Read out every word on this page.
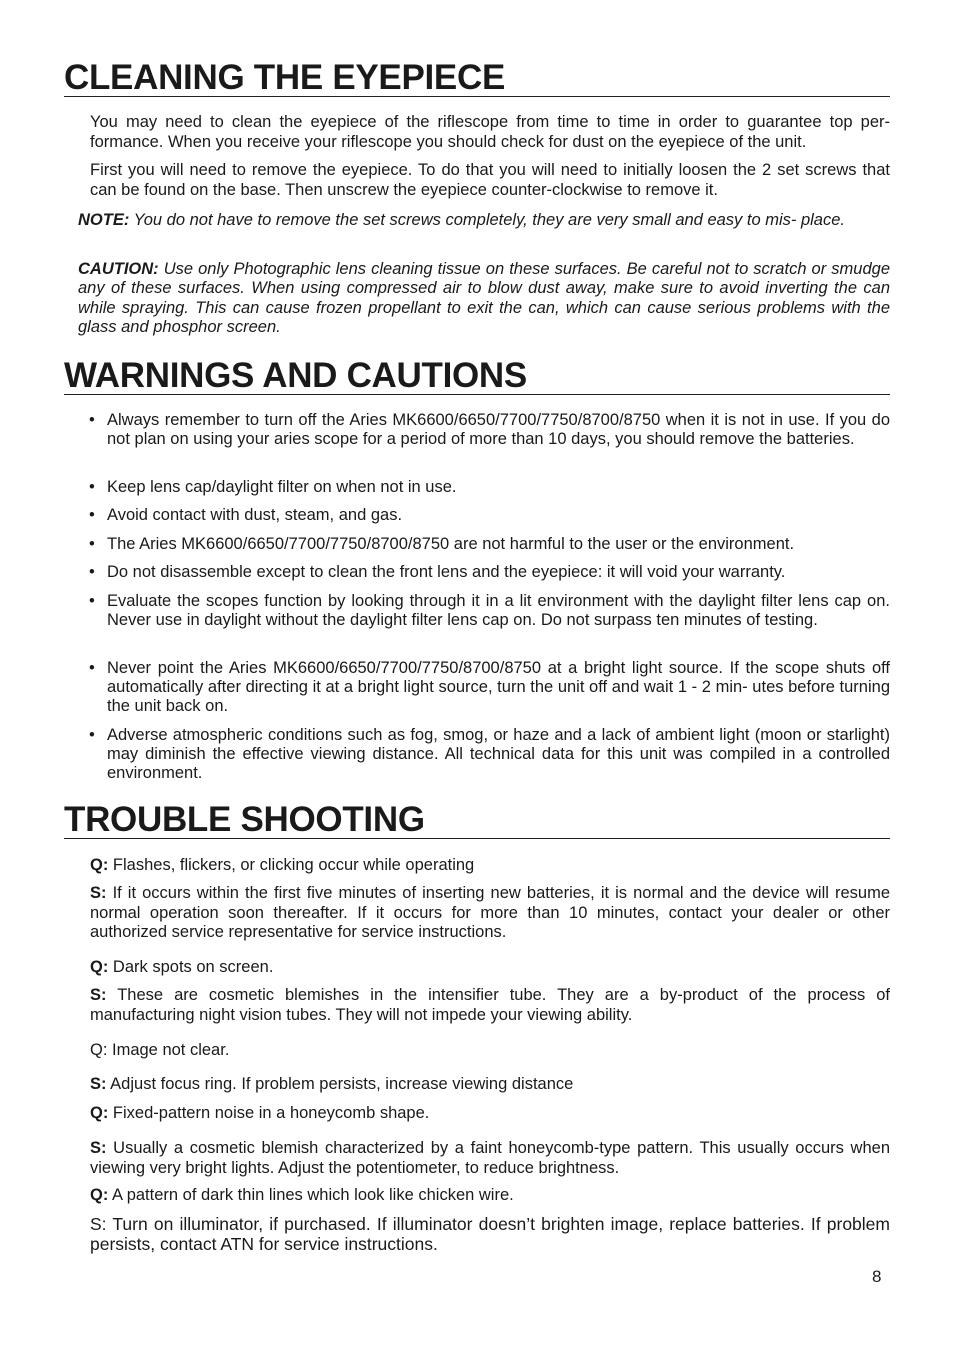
CLEANING THE EYEPIECE

You may need to clean the eyepiece of the riflescope from time to time in order to guarantee top per- formance. When you receive your riflescope you should check for dust on the eyepiece of the unit.

First you will need to remove the eyepiece. To do that you will need to initially loosen the 2 set screws that can be found on the base. Then unscrew the eyepiece counter-clockwise to remove it.

NOTE: You do not have to remove the set screws completely, they are very small and easy to mis- place.

CAUTION: Use only Photographic lens cleaning tissue on these surfaces. Be careful not to scratch or smudge any of these surfaces. When using compressed air to blow dust away, make sure to avoid inverting the can while spraying. This can cause frozen propellant to exit the can, which can cause serious problems with the glass and phosphor screen.

WARNINGS AND CAUTIONS
• Always remember to turn off the Aries MK6600/6650/7700/7750/8700/8750 when it is not in use. If you do not plan on using your aries scope for a period of more than 10 days, you should remove the batteries.
• Keep lens cap/daylight filter on when not in use.
• Avoid contact with dust, steam, and gas.
• The Aries MK6600/6650/7700/7750/8700/8750 are not harmful to the user or the environment.
• Do not disassemble except to clean the front lens and the eyepiece: it will void your warranty.
• Evaluate the scopes function by looking through it in a lit environment with the daylight filter lens cap on. Never use in daylight without the daylight filter lens cap on. Do not surpass ten minutes of testing.
• Never point the Aries MK6600/6650/7700/7750/8700/8750 at a bright light source. If the scope shuts off automatically after directing it at a bright light source, turn the unit off and wait 1 - 2 min- utes before turning the unit back on.
• Adverse atmospheric conditions such as fog, smog, or haze and a lack of ambient light (moon or starlight) may diminish the effective viewing distance. All technical data for this unit was compiled in a controlled environment.
TROUBLE SHOOTING

Q: Flashes, flickers, or clicking occur while operating

S: If it occurs within the first five minutes of inserting new batteries, it is normal and the device will resume normal operation soon thereafter. If it occurs for more than 10 minutes, contact your dealer or other authorized service representative for service instructions.

Q: Dark spots on screen.

S: These are cosmetic blemishes in the intensifier tube. They are a by-product of the process of manufacturing night vision tubes. They will not impede your viewing ability.

Q: Image not clear.

S: Adjust focus ring. If problem persists, increase viewing distance

Q: Fixed-pattern noise in a honeycomb shape.

S: Usually a cosmetic blemish characterized by a faint honeycomb-type pattern. This usually occurs when viewing very bright lights. Adjust the potentiometer, to reduce brightness.

Q: A pattern of dark thin lines which look like chicken wire.

S: Turn on illuminator, if purchased. If illuminator doesn’t brighten image, replace batteries. If problem persists, contact ATN for service instructions.

8
